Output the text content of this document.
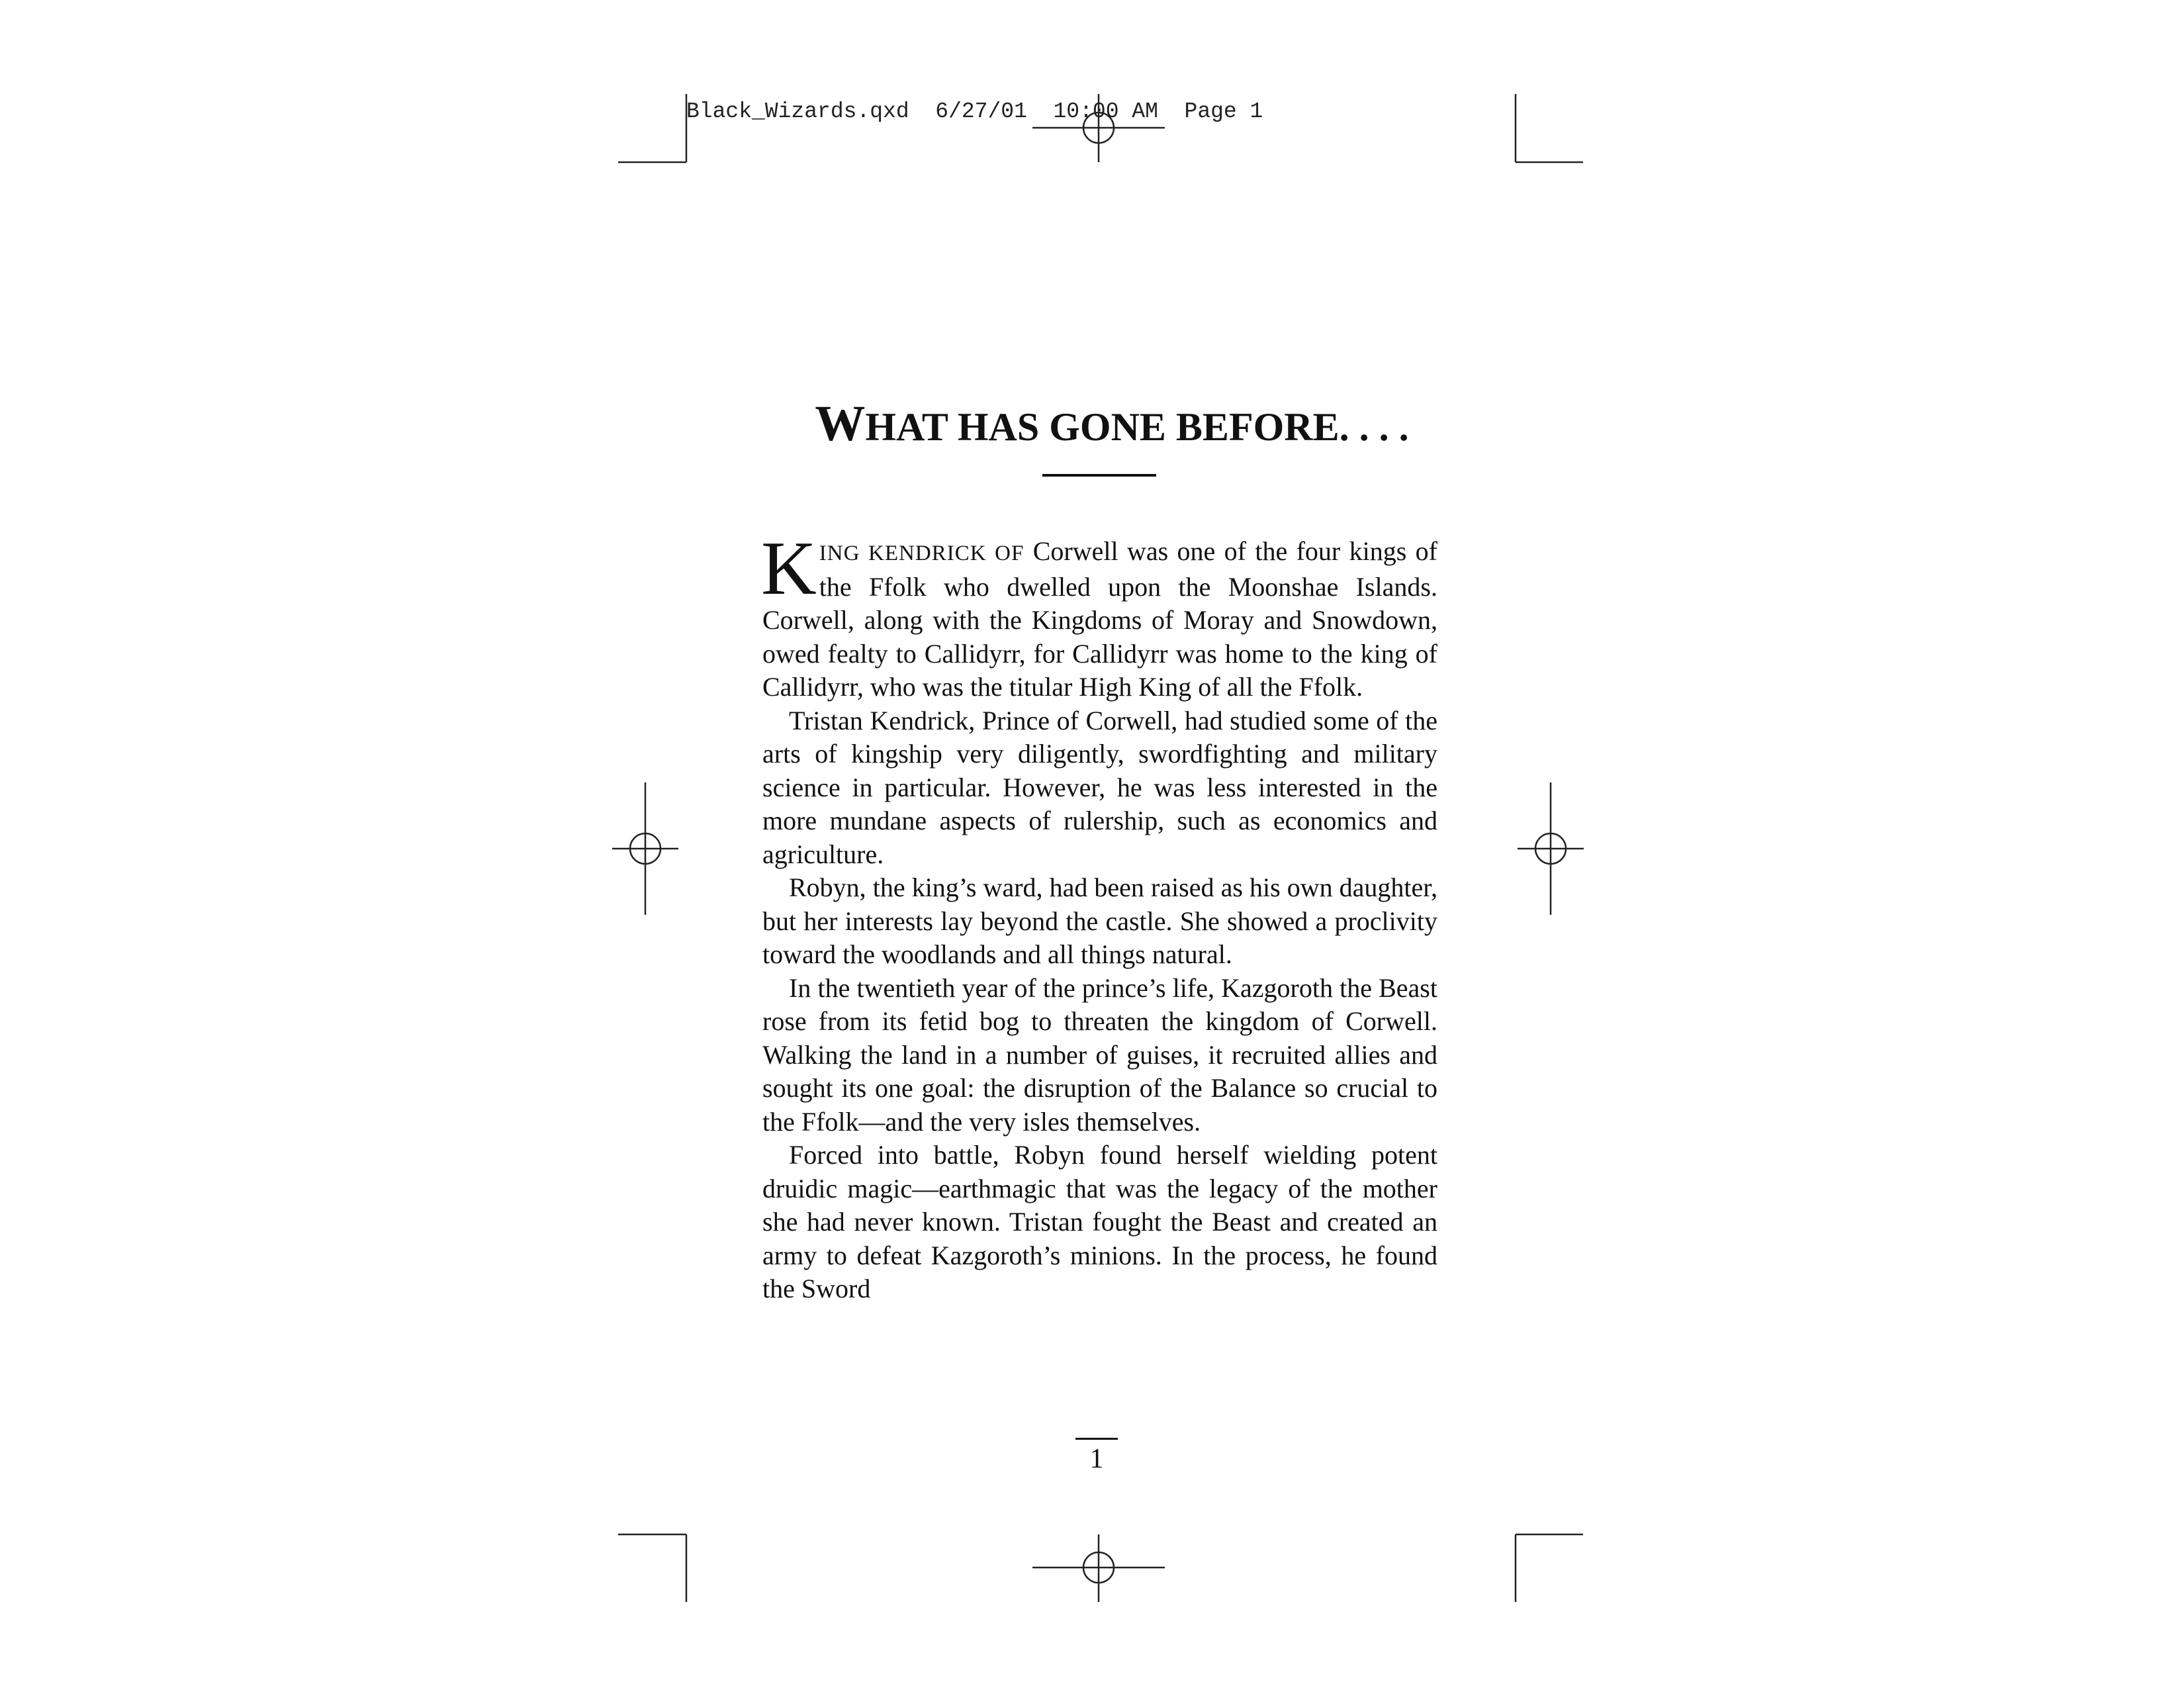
Black_Wizards.qxd  6/27/01  10:00 AM  Page 1
WHAT HAS GONE BEFORE. . . .

KING KENDRICK OF Corwell was one of the four kings of the Ffolk who dwelled upon the Moonshae Islands. Corwell, along with the Kingdoms of Moray and Snowdown, owed fealty to Callidyrr, for Callidyrr was home to the king of Callidyrr, who was the titular High King of all the Ffolk.

Tristan Kendrick, Prince of Corwell, had studied some of the arts of kingship very diligently, swordfighting and military science in particular. However, he was less interested in the more mundane aspects of rulership, such as economics and agriculture.

Robyn, the king’s ward, had been raised as his own daughter, but her interests lay beyond the castle. She showed a proclivity toward the woodlands and all things natural.

In the twentieth year of the prince’s life, Kazgoroth the Beast rose from its fetid bog to threaten the kingdom of Corwell. Walking the land in a number of guises, it recruited allies and sought its one goal: the disruption of the Balance so crucial to the Ffolk—and the very isles themselves.

Forced into battle, Robyn found herself wielding potent druidic magic—earthmagic that was the legacy of the mother she had never known. Tristan fought the Beast and created an army to defeat Kazgoroth’s minions. In the process, he found the Sword

1
